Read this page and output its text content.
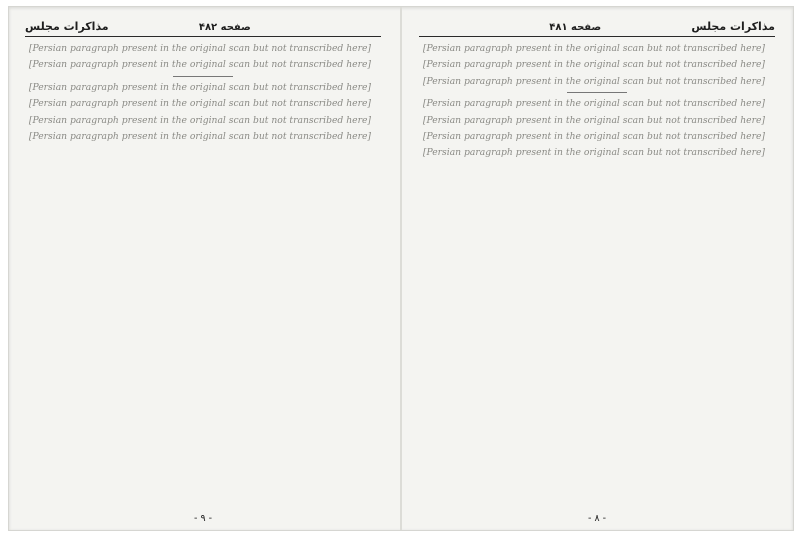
مذاکرات مجلس
صفحه ۴۸۱

[Persian paragraph present in the original scan but not transcribed here]

[Persian paragraph present in the original scan but not transcribed here]

[Persian paragraph present in the original scan but not transcribed here]

[Persian paragraph present in the original scan but not transcribed here]

[Persian paragraph present in the original scan but not transcribed here]

[Persian paragraph present in the original scan but not transcribed here]

[Persian paragraph present in the original scan but not transcribed here]

- ۸ -
صفحه ۴۸۲
مذاکرات مجلس

[Persian paragraph present in the original scan but not transcribed here]

[Persian paragraph present in the original scan but not transcribed here]

[Persian paragraph present in the original scan but not transcribed here]

[Persian paragraph present in the original scan but not transcribed here]

[Persian paragraph present in the original scan but not transcribed here]

[Persian paragraph present in the original scan but not transcribed here]

- ۹ -
